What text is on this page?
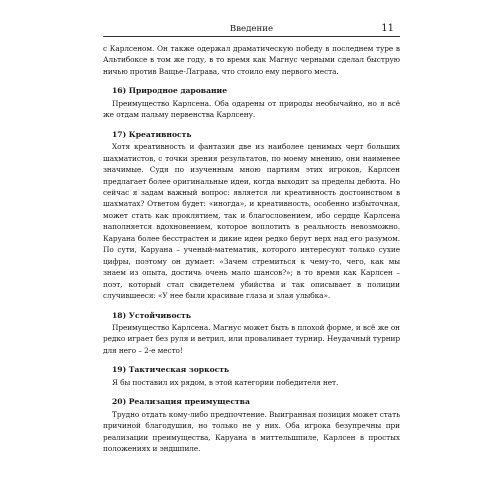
Введение	11

с Карлсеном. Он также одержал драматическую победу в последнем туре в Альтибоксе в том же году, в то время как Магнус черными сделал быструю ничью против Ващье-Лаграва, что стоило ему первого места.

16) Природное дарование

Преимущество Карлсена. Оба одарены от природы необычайно, но я всё же отдам пальму первенства Карлсену.

17) Креативность

Хотя креативность и фантазия две из наиболее ценимых черт больших шахматистов, с точки зрения результатов, по моему мнению, они наименее значимые. Судя по изученным мною партиям этих игроков, Карлсен предлагает более оригинальные идеи, когда выходит за пределы дебюта. Но сейчас я задам важный вопрос: является ли креативность достоинством в шахматах? Ответом будет: «иногда», и креативность, особенно избыточная, может стать как проклятием, так и благословением, ибо сердце Карлсена наполняется вдохновением, которое воплотить в реальность невозможно. Каруана более бесстрастен и дикие идеи редко берут верх над его разумом. По сути, Каруана – ученый-математик, которого интересуют только сухие цифры, поэтому он думает: «Зачем стремиться к чему-то, чего, как мы знаем из опыта, достичь очень мало шансов?»; в то время как Карлсен – поэт, который стал свидетелем убийства и так описывает в полиции случившееся: «У нее были красивые глаза и злая улыбка».

18) Устойчивость

Преимущество Карлсена. Магнус может быть в плохой форме, и всё же он редко играет без руля и ветрил, или проваливает турнир. Неудачный турнир для него – 2-е место!

19) Тактическая зоркость

Я бы поставил их рядом, в этой категории победителя нет.

20) Реализация преимущества

Трудно отдать кому-либо предпочтение. Выигранная позиция может стать причиной благодушия, но только не у них. Оба игрока безупречны при реализации преимущества, Каруана в миттельшпиле, Карлсен в простых положениях и эндшпиле.
